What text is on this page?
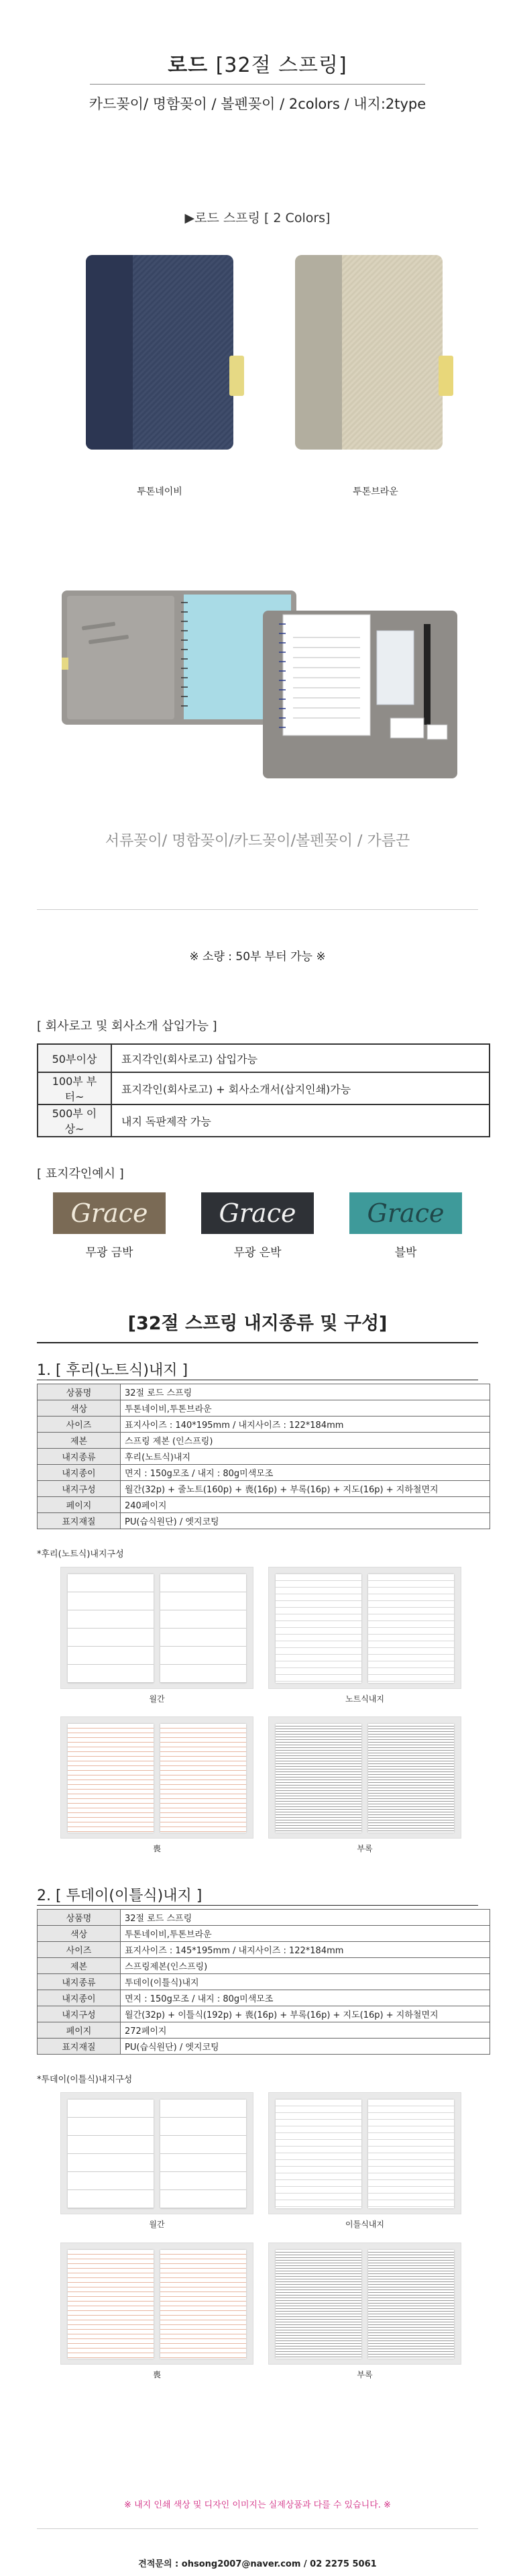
로드 [32절 스프링]
카드꽂이/ 명함꽂이 / 볼펜꽂이 / 2colors / 내지:2type
▶로드 스프링 [ 2 Colors]
투톤네이비	투톤브라운
서류꽂이/ 명함꽂이/카드꽂이/볼펜꽂이 / 가름끈
※ 소량 : 50부 부터 가능 ※
[ 회사로고 및 회사소개 삽입가능 ]
50부이상	표지각인(회사로고) 삽입가능
100부 부터~	표지각인(회사로고) + 회사소개서(삽지인쇄)가능
500부 이상~	내지 독판제작 가능
[ 표지각인예시 ]
Grace
무광 금박
Grace
무광 은박
Grace
블박
[32절 스프링 내지종류 및 구성]
1. [ 후리(노트식)내지 ]
상품명	32절 로드 스프링
색상	투톤네이비,투톤브라운
사이즈	표지사이즈 : 140*195mm / 내지사이즈 : 122*184mm
제본	스프링 제본 (인스프링)
내지종류	후리(노트식)내지
내지종이	면지 : 150g모조 / 내지 : 80g미색모조
내지구성	월간(32p) + 줄노트(160p) + 喪(16p) + 부록(16p) + 지도(16p) + 지하철면지
페이지	240페이지
표지재질	PU(습식원단) / 엣지코팅
*후리(노트식)내지구성
월간	노트식내지
喪	부록
2. [ 투데이(이틀식)내지 ]
상품명	32절 로드 스프링
색상	투톤네이비,투톤브라운
사이즈	표지사이즈 : 145*195mm / 내지사이즈 : 122*184mm
제본	스프링제본(인스프링)
내지종류	투데이(이틀식)내지
내지종이	면지 : 150g모조 / 내지 : 80g미색모조
내지구성	월간(32p) + 이틀식(192p) + 喪(16p) + 부록(16p) + 지도(16p) + 지하철면지
페이지	272페이지
표지재질	PU(습식원단) / 엣지코팅
*투데이(이틀식)내지구성
월간	이틀식내지
喪	부록
※ 내지 인쇄 색상 및 디자인 이미지는 실제상품과 다를 수 있습니다. ※
견적문의 : ohsong2007@naver.com / 02 2275 5061
